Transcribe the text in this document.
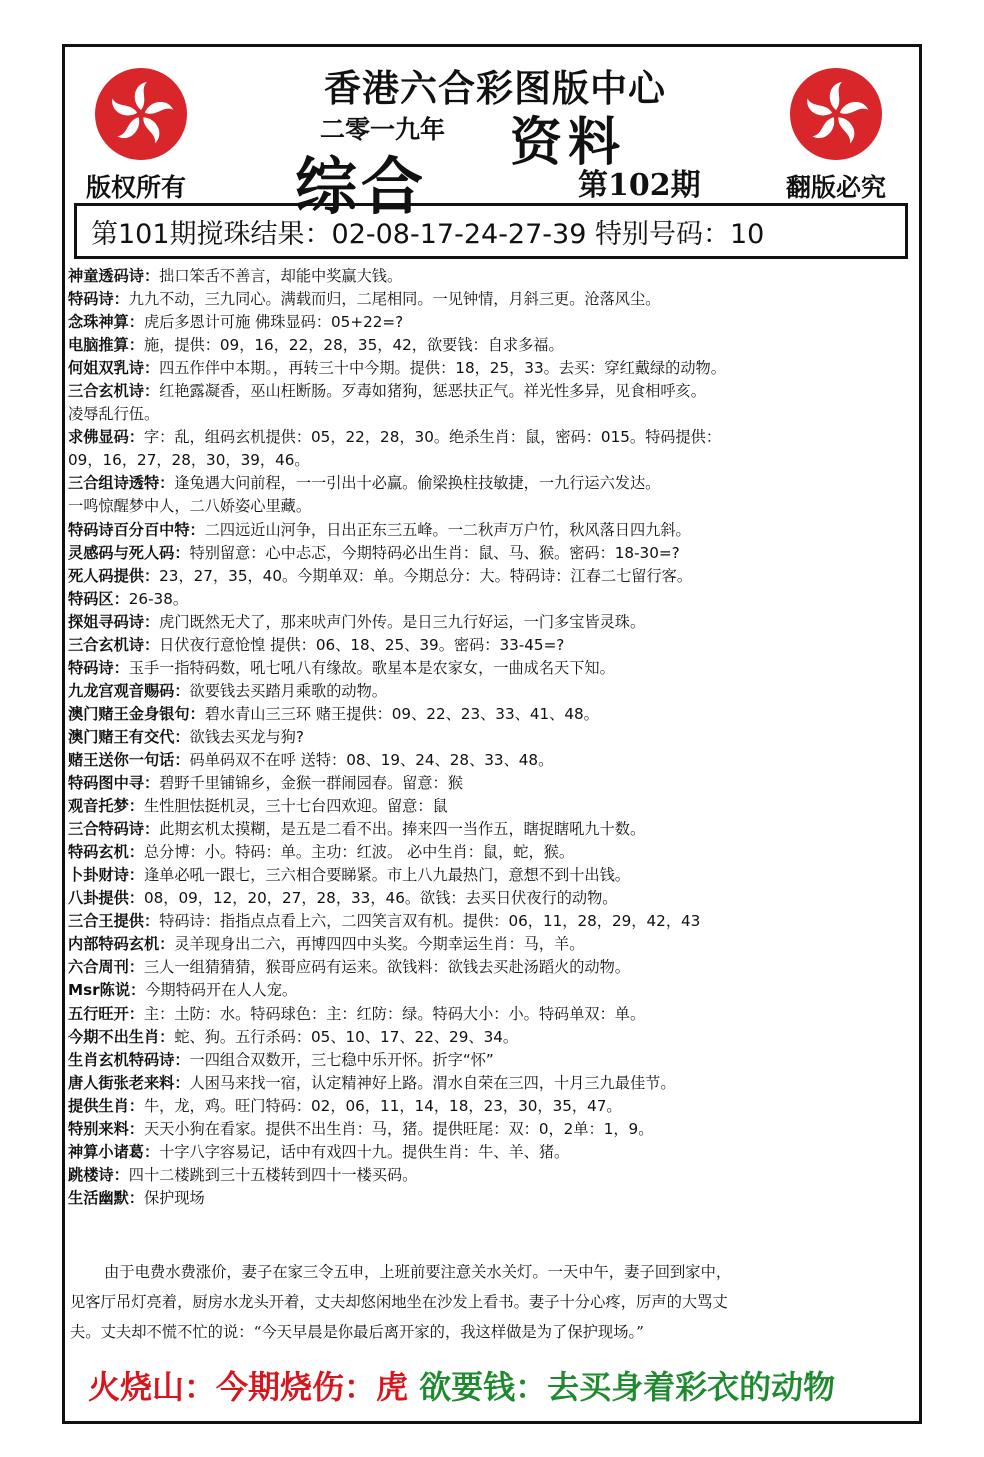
版权所有	翻版必究
香港六合彩图版中心
二零一九年 资料
综合	第102期
第101期搅珠结果：02-08-17-24-27-39 特别号码：10
神童透码诗：拙口笨舌不善言，却能中奖赢大钱。
特码诗：九九不动，三九同心。满载而归，二尾相同。一见钟情，月斜三更。沧落风尘。
念珠神算：虎后多恩计可施 佛珠显码：05+22=?
电脑推算：施，提供：09，16，22，28，35，42，欲要钱：自求多福。
何姐双乳诗：四五作伴中本期。，再转三十中今期。提供：18，25，33。去买：穿红戴绿的动物。
三合玄机诗：红艳露凝香，巫山枉断肠。歹毒如猪狗，惩恶扶正气。祥光性多异，见食相呼亥。
凌辱乱行伍。
求佛显码：字：乱，组码玄机提供：05，22，28，30。绝杀生肖：鼠，密码：015。特码提供：
09，16，27，28，30，39，46。
三合组诗透特：逢兔遇大问前程，一一引出十必赢。偷梁换柱技敏捷，一九行运六发达。
一鸣惊醒梦中人，二八娇姿心里藏。
特码诗百分百中特：二四远近山河争，日出正东三五峰。一二秋声万户竹，秋风落日四九斜。
灵感码与死人码：特别留意：心中忐忑，今期特码必出生肖：鼠、马、猴。密码：18-30=?
死人码提供：23，27，35，40。今期单双：单。今期总分：大。特码诗：江春二七留行客。
特码区：26-38。
探姐寻码诗：虎门既然无犬了，那来吠声门外传。是日三九行好运，一门多宝皆灵珠。
三合玄机诗：日伏夜行意怆惶 提供：06、18、25、39。密码：33-45=?
特码诗：玉手一指特码数，吼七吼八有缘故。歌星本是农家女，一曲成名天下知。
九龙宫观音赐码：欲要钱去买踏月乘歌的动物。
澳门赌王金身银句：碧水青山三三环 赌王提供：09、22、23、33、41、48。
澳门赌王有交代：欲钱去买龙与狗?
赌王送你一句话：码单码双不在呼 送特：08、19、24、28、33、48。
特码图中寻：碧野千里铺锦乡，金猴一群闹园春。留意：猴
观音托梦：生性胆怯挺机灵，三十七台四欢迎。留意：鼠
三合特码诗：此期玄机太摸糊，是五是二看不出。捧来四一当作五，瞎捉瞎吼九十数。
特码玄机：总分博：小。特码：单。主功：红波。 必中生肖：鼠，蛇，猴。
卜卦财诗：逢单必吼一跟七，三六相合要睇紧。市上八九最热门，意想不到十出钱。
八卦提供：08，09，12，20，27，28，33，46。欲钱：去买日伏夜行的动物。
三合王提供：特码诗：指指点点看上六，二四笑言双有机。提供：06，11，28，29，42，43
内部特码玄机：灵羊现身出二六，再博四四中头奖。今期幸运生肖：马，羊。
六合周刊：三人一组猜猜猜，猴哥应码有运来。欲钱料：欲钱去买赴汤蹈火的动物。
Msr陈说：今期特码开在人人宠。
五行旺开：主：土防：水。特码球色：主：红防：绿。特码大小：小。特码单双：单。
今期不出生肖：蛇、狗。五行杀码：05、10、17、22、29、34。
生肖玄机特码诗：一四组合双数开，三七稳中乐开怀。折字“怀”
唐人街张老来料：人困马来找一宿，认定精神好上路。渭水自荣在三四，十月三九最佳节。
提供生肖：牛，龙，鸡。旺门特码：02，06，11，14，18，23，30，35，47。
特别来料：天天小狗在看家。提供不出生肖：马，猪。提供旺尾：双：0，2单：1，9。
神算小诸葛：十字八字容易记，话中有戏四十九。提供生肖：牛、羊、猪。
跳楼诗：四十二楼跳到三十五楼转到四十一楼买码。
生活幽默：保护现场

由于电费水费涨价，妻子在家三令五申，上班前要注意关水关灯。一天中午，妻子回到家中，

见客厅吊灯亮着，厨房水龙头开着，丈夫却悠闲地坐在沙发上看书。妻子十分心疼，厉声的大骂丈

夫。丈夫却不慌不忙的说：“今天早晨是你最后离开家的，我这样做是为了保护现场。”

火烧山：今期烧伤：虎 欲要钱：去买身着彩衣的动物
